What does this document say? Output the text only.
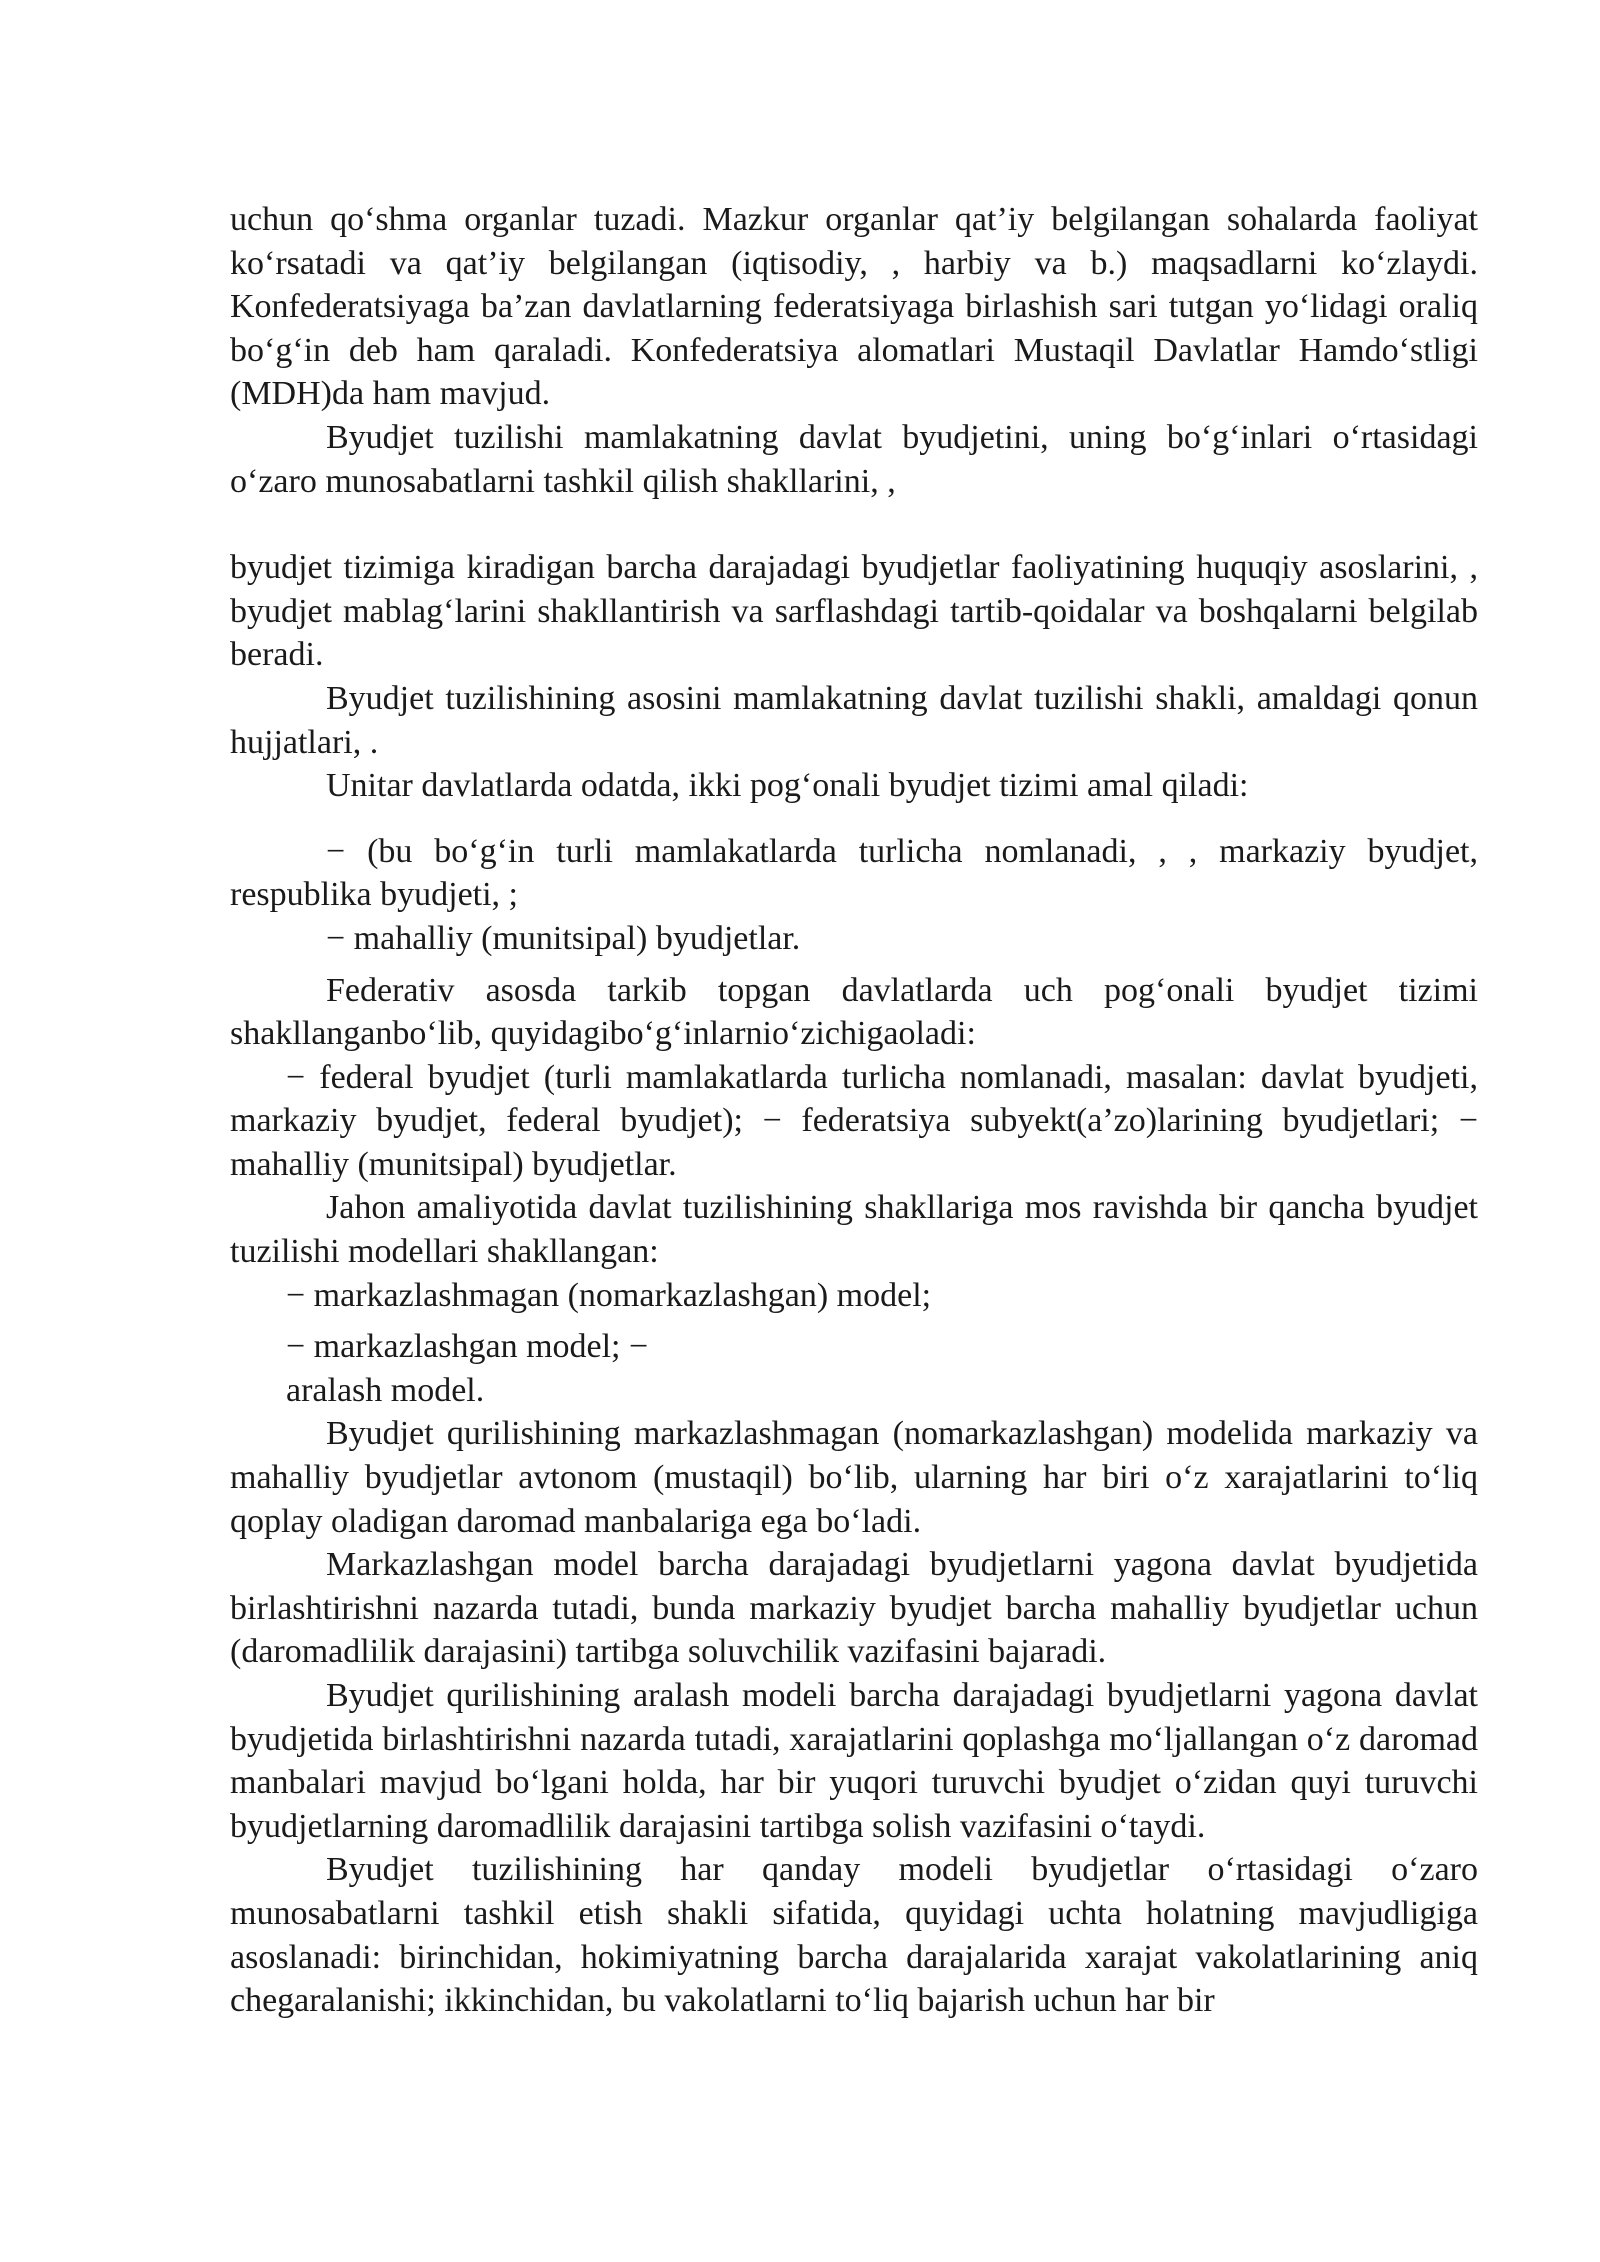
uchun qo‘shma organlar tuzadi. Mazkur organlar qat’iy belgilangan sohalarda faoliyat ko‘rsatadi va qat’iy belgilangan (iqtisodiy, , harbiy va b.) maqsadlarni ko‘zlaydi. Konfederatsiyaga ba’zan davlatlarning federatsiyaga birlashish sari tutgan yo‘lidagi oraliq bo‘g‘in deb ham qaraladi. Konfederatsiya alomatlari Mustaqil Davlatlar Hamdo‘stligi (MDH)da ham mavjud.

Byudjet tuzilishi mamlakatning davlat byudjetini, uning bo‘g‘inlari o‘rtasidagi o‘zaro munosabatlarni tashkil qilish shakllarini, ,

byudjet tizimiga kiradigan barcha darajadagi byudjetlar faoliyatining huquqiy asoslarini, , byudjet mablag‘larini shakllantirish va sarflashdagi tartib-qoidalar va boshqalarni belgilab beradi.

Byudjet tuzilishining asosini mamlakatning davlat tuzilishi shakli, amaldagi qonun hujjatlari, .

Unitar davlatlarda odatda, ikki pog‘onali byudjet tizimi amal qiladi:

− (bu bo‘g‘in turli mamlakatlarda turlicha nomlanadi, , , markaziy byudjet, respublika byudjeti, ;

− mahalliy (munitsipal) byudjetlar.

Federativ asosda tarkib topgan davlatlarda uch pog‘onali byudjet tizimi shakllanganbo‘lib, quyidagibo‘g‘inlarnio‘zichigaoladi:

− federal byudjet (turli mamlakatlarda turlicha nomlanadi, masalan: davlat byudjeti, markaziy byudjet, federal byudjet); − federatsiya subyekt(a’zo)larining byudjetlari; − mahalliy (munitsipal) byudjetlar.

Jahon amaliyotida davlat tuzilishining shakllariga mos ravishda bir qancha byudjet tuzilishi modellari shakllangan:

− markazlashmagan (nomarkazlashgan) model;

− markazlashgan model; −

aralash model.

Byudjet qurilishining markazlashmagan (nomarkazlashgan) modelida markaziy va mahalliy byudjetlar avtonom (mustaqil) bo‘lib, ularning har biri o‘z xarajatlarini to‘liq qoplay oladigan daromad manbalariga ega bo‘ladi.

Markazlashgan model barcha darajadagi byudjetlarni yagona davlat byudjetida birlashtirishni nazarda tutadi, bunda markaziy byudjet barcha mahalliy byudjetlar uchun (daromadlilik darajasini) tartibga soluvchilik vazifasini bajaradi.

Byudjet qurilishining aralash modeli barcha darajadagi byudjetlarni yagona davlat byudjetida birlashtirishni nazarda tutadi, xarajatlarini qoplashga mo‘ljallangan o‘z daromad manbalari mavjud bo‘lgani holda, har bir yuqori turuvchi byudjet o‘zidan quyi turuvchi byudjetlarning daromadlilik darajasini tartibga solish vazifasini o‘taydi.

Byudjet tuzilishining har qanday modeli byudjetlar o‘rtasidagi o‘zaro munosabatlarni tashkil etish shakli sifatida, quyidagi uchta holatning mavjudligiga asoslanadi: birinchidan, hokimiyatning barcha darajalarida xarajat vakolatlarining aniq chegaralanishi; ikkinchidan, bu vakolatlarni to‘liq bajarish uchun har bir
